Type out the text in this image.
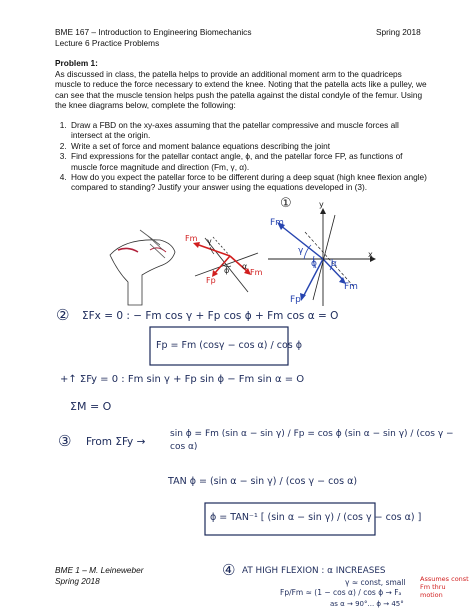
BME 167 – Introduction to Engineering Biomechanics	Spring 2018
Lecture 6 Practice Problems
Problem 1:
As discussed in class, the patella helps to provide an additional moment arm to the quadriceps muscle to reduce the force necessary to extend the knee. Noting that the patella acts like a pulley, we can see that the muscle tension helps push the patella against the distal condyle of the femur. Using the knee diagrams below, complete the following:
1. Draw a FBD on the xy-axes assuming that the patellar compressive and muscle forces all intersect at the origin.
2. Write a set of force and moment balance equations describing the joint
3. Find expressions for the patellar contact angle, ϕ, and the patellar force FP, as functions of muscle force magnitude and direction (Fm, γ, α).
4. How do you expect the patellar force to be different during a deep squat (high knee flexion angle) compared to standing? Justify your answer using the equations developed in (3).
Fm γ
Fm
α
ϕ
Fp
①	y
x
Fm
γ
ϕ α
Fm
Fp
② ΣFx = 0 : − Fm cos γ + Fp cos ϕ + Fm cos α = O
Fp = Fm (cosγ − cos α) / cos ϕ
+↑ ΣFy = 0 : Fm sin γ + Fp sin ϕ − Fm sin α = O
ΣM = O
③ From ΣFy →
sin ϕ = Fm (sin α − sin γ) / Fp = cos ϕ (sin α − sin γ) / (cos γ − cos α)
TAN ϕ = (sin α − sin γ) / (cos γ − cos α)
ϕ = TAN⁻¹ [ (sin α − sin γ) / (cos γ − cos α) ]
④ AT HIGH FLEXION : α INCREASES
γ ≈ const, small
Fp/Fm ≈ (1 − cos α) / cos ϕ → Fₐ
as α → 90°... ϕ → 45°
Assumes const Fm thru motion
BME 1 – M. Leineweber
Spring 2018
